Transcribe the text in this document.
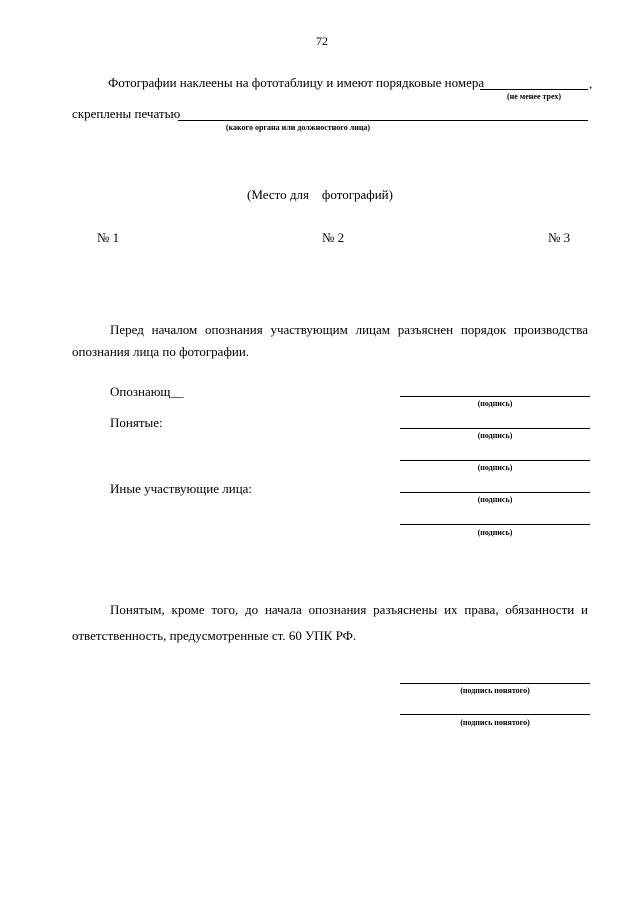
72
Фотографии наклеены на фототаблицу и имеют порядковые номера	,
(не менее трех)
скреплены печатью
(какого органа или должностного лица)
(Место для    фотографий)
№ 1	№ 2	№ 3
Перед началом опознания участвующим лицам разъяснен порядок производства
опознания лица по фотографии.
Опознающ__
(подпись)
Понятые:
(подпись)
(подпись)
Иные участвующие лица:
(подпись)
(подпись)
Понятым, кроме того, до начала опознания разъяснены их права, обязанности и
ответственность, предусмотренные ст. 60 УПК РФ.
(подпись понятого)
(подпись понятого)
